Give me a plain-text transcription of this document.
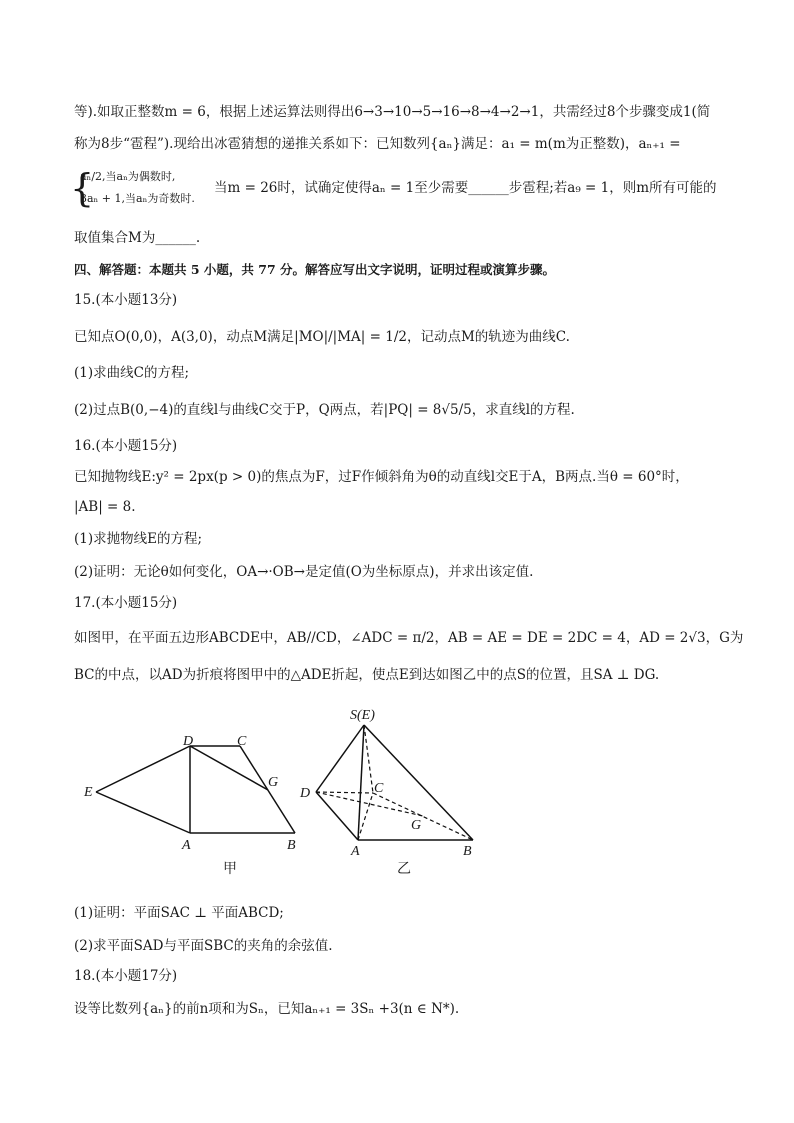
等).如取正整数m = 6，根据上述运算法则得出6→3→10→5→16→8→4→2→1，共需经过8个步骤变成1(简
称为8步“雹程”).现给出冰雹猜想的递推关系如下：已知数列{aₙ}满足：a₁ = m(m为正整数)，aₙ₊₁ =
{
aₙ/2,当aₙ为偶数时,
3aₙ + 1,当aₙ为奇数时.
当m = 26时，试确定使得aₙ = 1至少需要______步雹程;若a₉ = 1，则m所有可能的
取值集合M为______.
四、解答题：本题共 5 小题，共 77 分。解答应写出文字说明，证明过程或演算步骤。
15.(本小题13分)
已知点O(0,0)，A(3,0)，动点M满足|MO|/|MA| = 1/2，记动点M的轨迹为曲线C.
(1)求曲线C的方程;
(2)过点B(0,−4)的直线l与曲线C交于P，Q两点，若|PQ| = 8√5/5，求直线l的方程.
16.(本小题15分)
已知抛物线E:y² = 2px(p > 0)的焦点为F，过F作倾斜角为θ的动直线l交E于A，B两点.当θ = 60°时，
|AB| = 8.
(1)求抛物线E的方程;
(2)证明：无论θ如何变化，OA→·OB→是定值(O为坐标原点)，并求出该定值.
17.(本小题15分)
如图甲，在平面五边形ABCDE中，AB//CD，∠ADC = π/2，AB = AE = DE = 2DC = 4，AD = 2√3，G为
BC的中点，以AD为折痕将图甲中的△ADE折起，使点E到达如图乙中的点S的位置，且SA ⊥ DG.
E
D	C
G
A	B
甲
S(E)
D	C
G
A	B
乙
(1)证明：平面SAC ⊥ 平面ABCD;
(2)求平面SAD与平面SBC的夹角的余弦值.
18.(本小题17分)
设等比数列{aₙ}的前n项和为Sₙ，已知aₙ₊₁ = 3Sₙ +3(n ∈ N*).
